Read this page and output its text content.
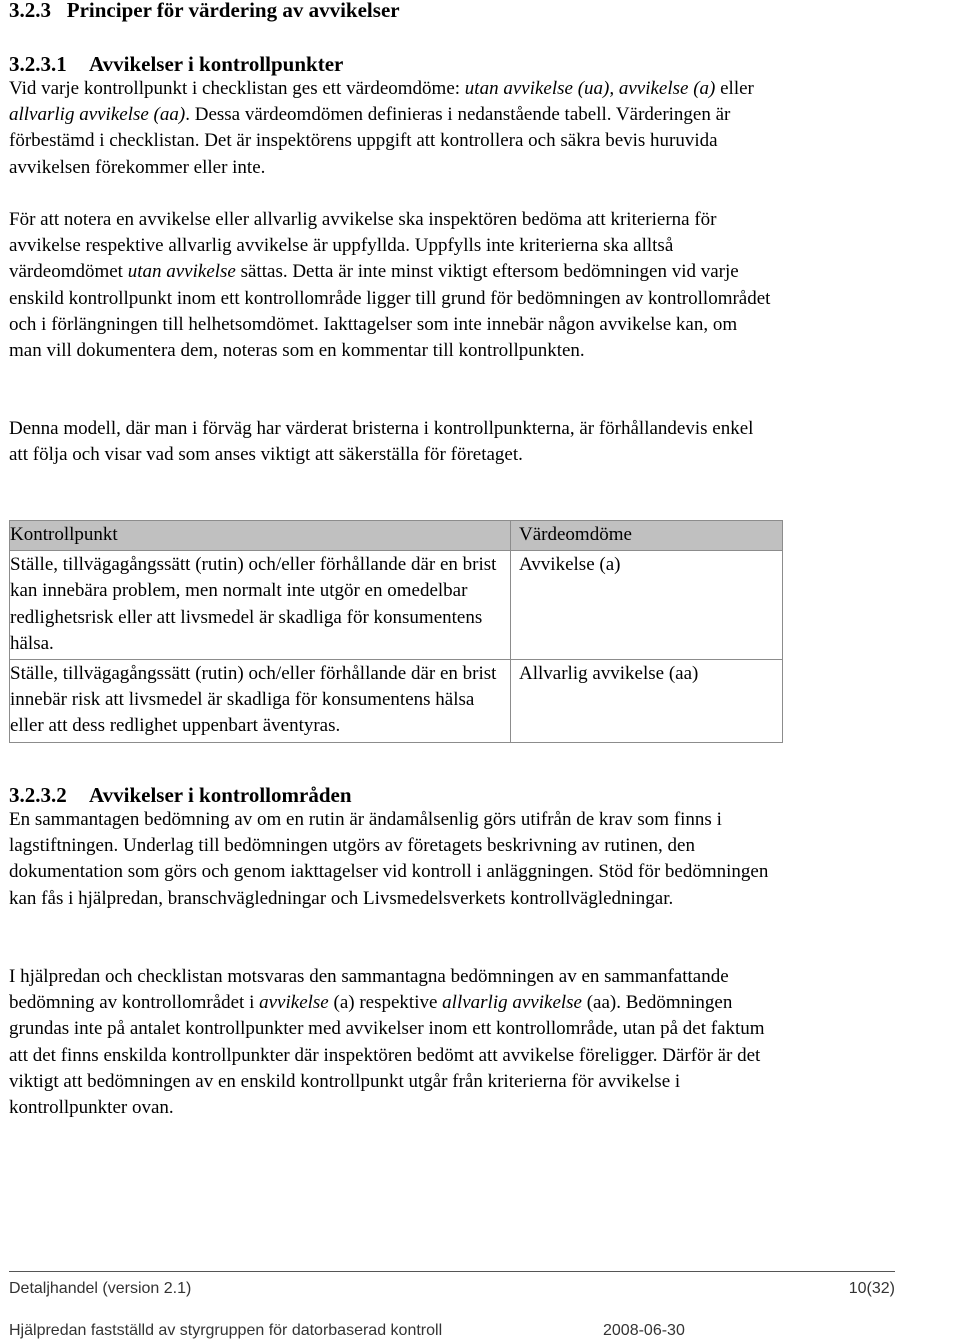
3.2.3 Principer för värdering av avvikelser
3.2.3.1 Avvikelser i kontrollpunkter

Vid varje kontrollpunkt i checklistan ges ett värdeomdöme: utan avvikelse (ua), avvikelse (a) eller allvarlig avvikelse (aa). Dessa värdeomdömen definieras i nedanstående tabell. Värderingen är förbestämd i checklistan. Det är inspektörens uppgift att kontrollera och säkra bevis huruvida avvikelsen förekommer eller inte.

För att notera en avvikelse eller allvarlig avvikelse ska inspektören bedöma att kriterierna för avvikelse respektive allvarlig avvikelse är uppfyllda. Uppfylls inte kriterierna ska alltså värdeomdömet utan avvikelse sättas. Detta är inte minst viktigt eftersom bedömningen vid varje enskild kontrollpunkt inom ett kontrollområde ligger till grund för bedömningen av kontrollområdet och i förlängningen till helhetsomdömet. Iakttagelser som inte innebär någon avvikelse kan, om man vill dokumentera dem, noteras som en kommentar till kontrollpunkten.

Denna modell, där man i förväg har värderat bristerna i kontrollpunkterna, är förhållandevis enkel att följa och visar vad som anses viktigt att säkerställa för företaget.

Kontrollpunkt	Värdeomdöme
Ställe, tillvägagångssätt (rutin) och/eller förhållande där en brist kan innebära problem, men normalt inte utgör en omedelbar redlighetsrisk eller att livsmedel är skadliga för konsumentens hälsa.	Avvikelse (a)
Ställe, tillvägagångssätt (rutin) och/eller förhållande där en brist innebär risk att livsmedel är skadliga för konsumentens hälsa eller att dess redlighet uppenbart äventyras.	Allvarlig avvikelse (aa)
3.2.3.2 Avvikelser i kontrollområden

En sammantagen bedömning av om en rutin är ändamålsenlig görs utifrån de krav som finns i lagstiftningen. Underlag till bedömningen utgörs av företagets beskrivning av rutinen, den dokumentation som görs och genom iakttagelser vid kontroll i anläggningen. Stöd för bedömningen kan fås i hjälpredan, branschvägledningar och Livsmedelsverkets kontrollvägledningar.

I hjälpredan och checklistan motsvaras den sammantagna bedömningen av en sammanfattande bedömning av kontrollområdet i avvikelse (a) respektive allvarlig avvikelse (aa). Bedömningen grundas inte på antalet kontrollpunkter med avvikelser inom ett kontrollområde, utan på det faktum att det finns enskilda kontrollpunkter där inspektören bedömt att avvikelse föreligger. Därför är det viktigt att bedömningen av en enskild kontrollpunkt utgår från kriterierna för avvikelse i kontrollpunkter ovan.

Detaljhandel (version 2.1)	10(32)
Hjälpredan fastställd av styrgruppen för datorbaserad kontroll	2008-06-30
